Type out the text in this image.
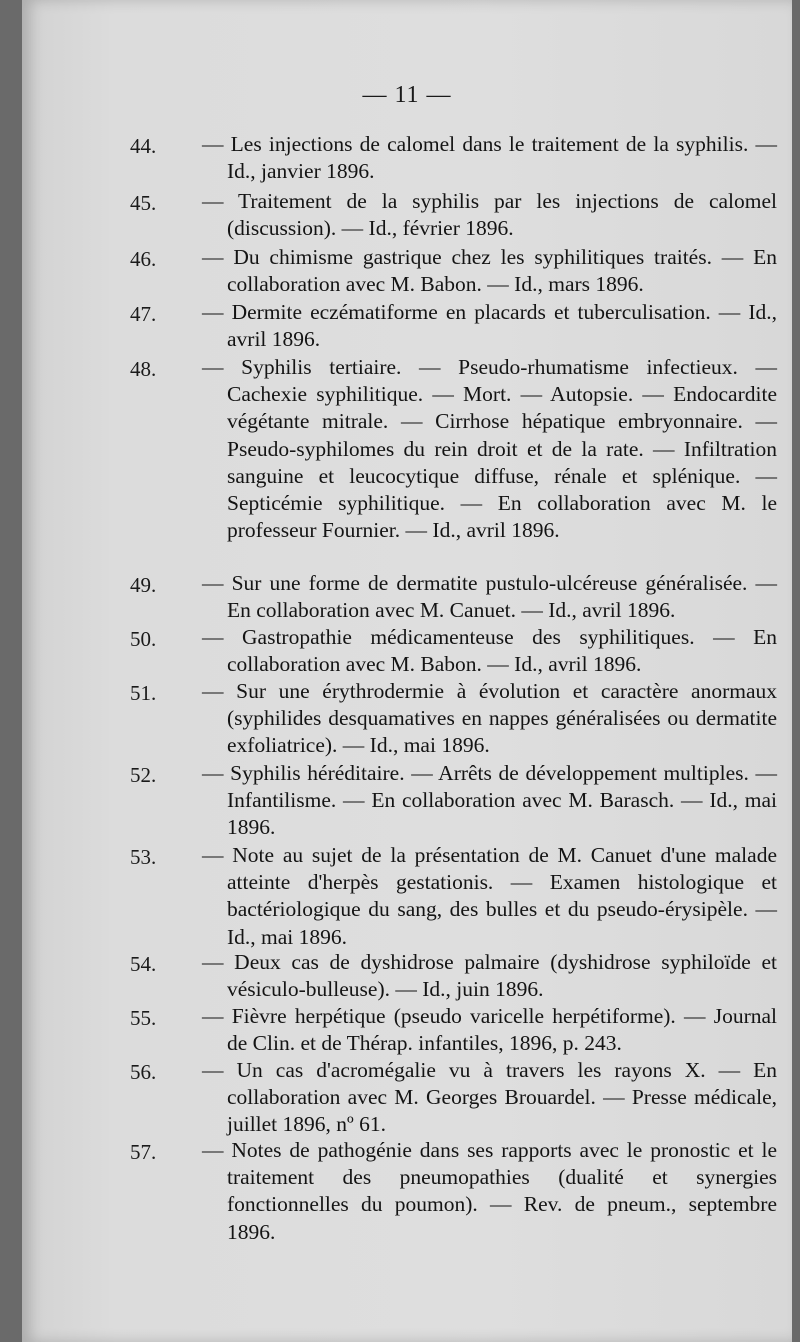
— 11 —
44.	— Les injections de calomel dans le traitement de la syphilis. — Id., janvier 1896.
45.	— Traitement de la syphilis par les injections de calomel (discussion). — Id., février 1896.
46.	— Du chimisme gastrique chez les syphilitiques traités. — En collaboration avec M. Babon. — Id., mars 1896.
47.	— Dermite eczématiforme en placards et tuberculisation. — Id., avril 1896.
48.	— Syphilis tertiaire. — Pseudo-rhumatisme infectieux. — Cachexie syphilitique. — Mort. — Autopsie. — Endocardite végétante mitrale. — Cirrhose hépatique embryonnaire. — Pseudo-syphilomes du rein droit et de la rate. — Infiltration sanguine et leucocytique diffuse, rénale et splénique. — Septicémie syphilitique. — En collaboration avec M. le professeur Fournier. — Id., avril 1896.
49.	— Sur une forme de dermatite pustulo-ulcéreuse généralisée. — En collaboration avec M. Canuet. — Id., avril 1896.
50.	— Gastropathie médicamenteuse des syphilitiques. — En collaboration avec M. Babon. — Id., avril 1896.
51.	— Sur une érythrodermie à évolution et caractère anormaux (syphilides desquamatives en nappes généralisées ou dermatite exfoliatrice). — Id., mai 1896.
52.	— Syphilis héréditaire. — Arrêts de développement multiples. — Infantilisme. — En collaboration avec M. Barasch. — Id., mai 1896.
53.	— Note au sujet de la présentation de M. Canuet d'une malade atteinte d'herpès gestationis. — Examen histologique et bactériologique du sang, des bulles et du pseudo-érysipèle. — Id., mai 1896.
54.	— Deux cas de dyshidrose palmaire (dyshidrose syphiloïde et vésiculo-bulleuse). — Id., juin 1896.
55.	— Fièvre herpétique (pseudo varicelle herpétiforme). — Journal de Clin. et de Thérap. infantiles, 1896, p. 243.
56.	— Un cas d'acromégalie vu à travers les rayons X. — En collaboration avec M. Georges Brouardel. — Presse médicale, juillet 1896, nº 61.
57.	— Notes de pathogénie dans ses rapports avec le pronostic et le traitement des pneumopathies (dualité et synergies fonctionnelles du poumon). — Rev. de pneum., septembre 1896.
